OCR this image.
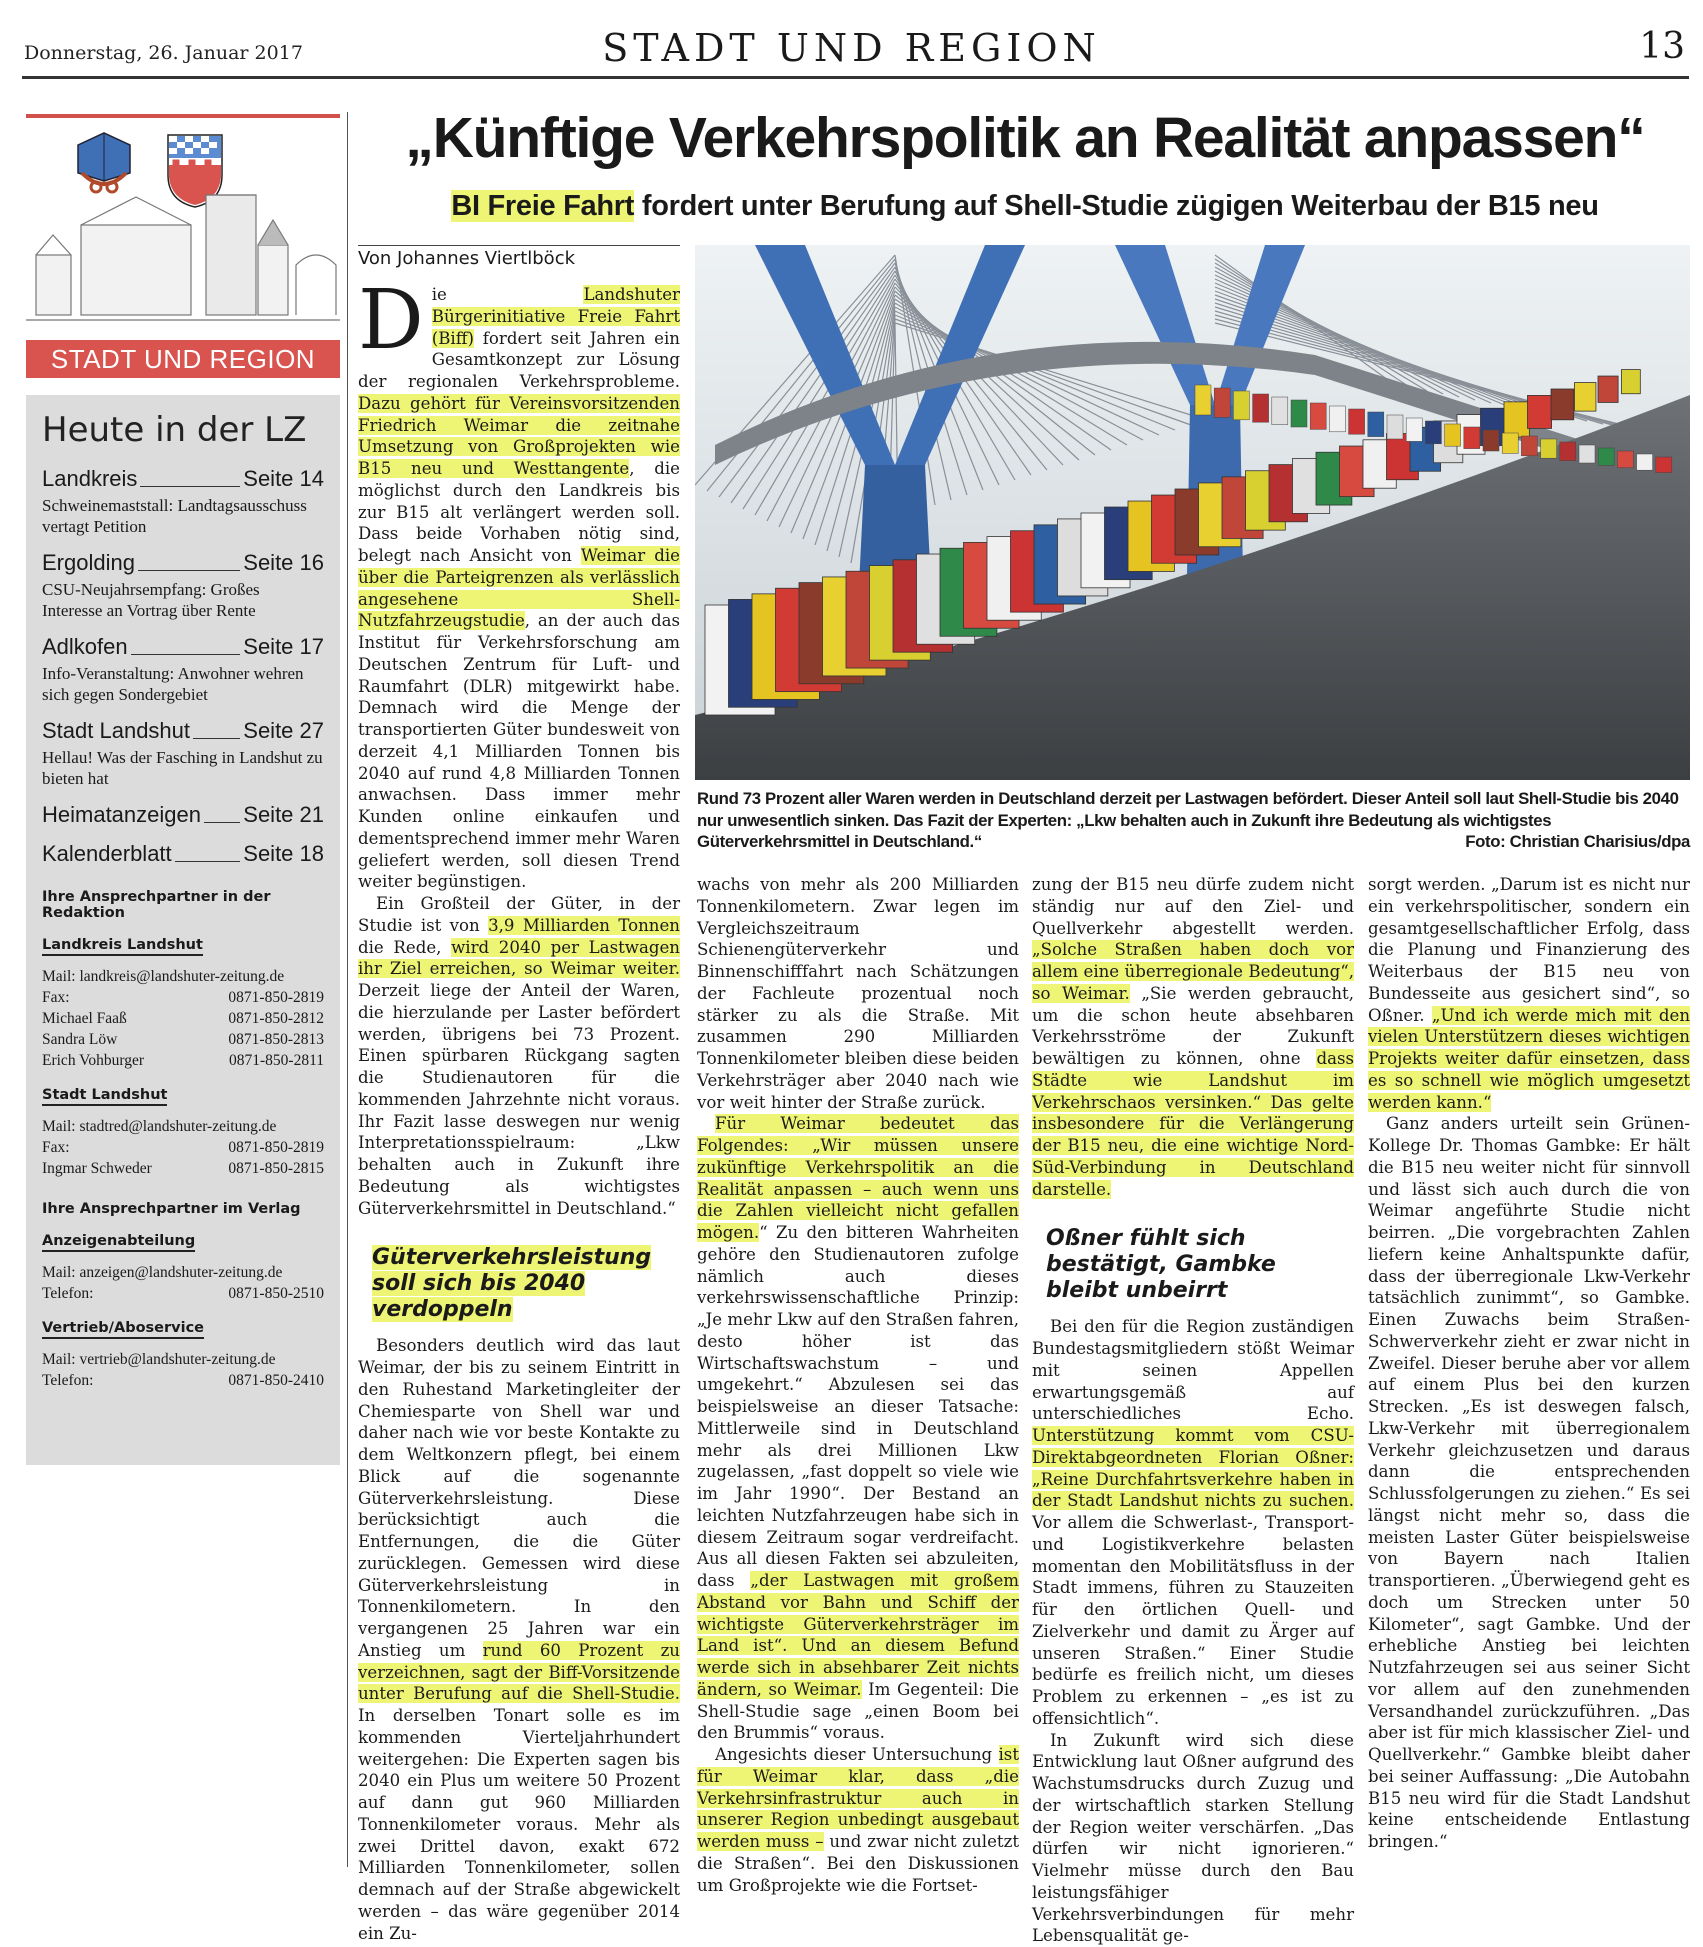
Donnerstag, 26. Januar 2017	STADT UND REGION	13
STADT UND REGION
Heute in der LZ
Landkreis	Seite 14
Schweinemaststall: Landtagsausschuss vertagt Petition
Ergolding	Seite 16
CSU-Neujahrsempfang: Großes Interesse an Vortrag über Rente
Adlkofen	Seite 17
Info-Veranstaltung: Anwohner wehren sich gegen Sondergebiet
Stadt Landshut Seite 27
Hellau! Was der Fasching in Landshut zu bieten hat
Heimatanzeigen Seite 21
Kalenderblatt	Seite 18
Ihre Ansprechpartner in der Redaktion
Landkreis Landshut
Mail: landkreis@landshuter-zeitung.de
Fax:	0871-850-2819
Michael Faaß	0871-850-2812
Sandra Löw	0871-850-2813
Erich Vohburger	0871-850-2811
Stadt Landshut
Mail: stadtred@landshuter-zeitung.de
Fax:	0871-850-2819
Ingmar Schweder	0871-850-2815
Ihre Ansprechpartner im Verlag
Anzeigenabteilung
Mail: anzeigen@landshuter-zeitung.de
Telefon:	0871-850-2510
Vertrieb/Aboservice
Mail: vertrieb@landshuter-zeitung.de
Telefon:	0871-850-2410
„Künftige Verkehrspolitik an Realität anpassen“
BI Freie Fahrt fordert unter Berufung auf Shell-Studie zügigen Weiterbau der B15 neu
Von Johannes Viertlböck
Rund 73 Prozent aller Waren werden in Deutschland derzeit per Lastwagen befördert. Dieser Anteil soll laut Shell-Studie bis 2040 nur unwesentlich sinken. Das Fazit der Experten: „Lkw behalten auch in Zukunft ihre Bedeutung als wichtigstes Güterverkehrsmittel in Deutschland.“	Foto: Christian Charisius/dpa

Die Landshuter Bürgerinitiative Freie Fahrt (Biff) fordert seit Jahren ein Gesamtkonzept zur Lösung der regionalen Verkehrsprobleme. Dazu gehört für Vereinsvorsitzenden Friedrich Weimar die zeitnahe Umsetzung von Großprojekten wie B15 neu und Westtangente, die möglichst durch den Landkreis bis zur B15 alt verlängert werden soll. Dass beide Vorhaben nötig sind, belegt nach Ansicht von Weimar die über die Parteigrenzen als verlässlich angesehene Shell-Nutzfahrzeugstudie, an der auch das Institut für Verkehrsforschung am Deutschen Zentrum für Luft- und Raumfahrt (DLR) mitgewirkt habe. Demnach wird die Menge der transportierten Güter bundesweit von derzeit 4,1 Milliarden Tonnen bis 2040 auf rund 4,8 Milliarden Tonnen anwachsen. Dass immer mehr Kunden online einkaufen und dementsprechend immer mehr Waren geliefert werden, soll diesen Trend weiter begünstigen.

Ein Großteil der Güter, in der Studie ist von 3,9 Milliarden Tonnen die Rede, wird 2040 per Lastwagen ihr Ziel erreichen, so Weimar weiter. Derzeit liege der Anteil der Waren, die hierzulande per Laster befördert werden, übrigens bei 73 Prozent. Einen spürbaren Rückgang sagten die Studienautoren für die kommenden Jahrzehnte nicht voraus. Ihr Fazit lasse deswegen nur wenig Interpretationsspielraum: „Lkw behalten auch in Zukunft ihre Bedeutung als wichtigstes Güterverkehrsmittel in Deutschland.“

Güterverkehrsleistung soll sich bis 2040 verdoppeln

Besonders deutlich wird das laut Weimar, der bis zu seinem Eintritt in den Ruhestand Marketingleiter der Chemiesparte von Shell war und daher nach wie vor beste Kontakte zu dem Weltkonzern pflegt, bei einem Blick auf die sogenannte Güterverkehrsleistung. Diese berücksichtigt auch die Entfernungen, die die Güter zurücklegen. Gemessen wird diese Güterverkehrsleistung in Tonnenkilometern. In den vergangenen 25 Jahren war ein Anstieg um rund 60 Prozent zu verzeichnen, sagt der Biff-Vorsitzende unter Berufung auf die Shell-Studie. In derselben Tonart solle es im kommenden Vierteljahrhundert weitergehen: Die Experten sagen bis 2040 ein Plus um weitere 50 Prozent auf dann gut 960 Milliarden Tonnenkilometer voraus. Mehr als zwei Drittel davon, exakt 672 Milliarden Tonnenkilometer, sollen demnach auf der Straße abgewickelt werden – das wäre gegenüber 2014 ein Zu-

wachs von mehr als 200 Milliarden Tonnenkilometern. Zwar legen im Vergleichszeitraum Schienengüterverkehr und Binnenschifffahrt nach Schätzungen der Fachleute prozentual noch stärker zu als die Straße. Mit zusammen 290 Milliarden Tonnenkilometer bleiben diese beiden Verkehrsträger aber 2040 nach wie vor weit hinter der Straße zurück.

Für Weimar bedeutet das Folgendes: „Wir müssen unsere zukünftige Verkehrspolitik an die Realität anpassen – auch wenn uns die Zahlen vielleicht nicht gefallen mögen.“ Zu den bitteren Wahrheiten gehöre den Studienautoren zufolge nämlich auch dieses verkehrswissenschaftliche Prinzip: „Je mehr Lkw auf den Straßen fahren, desto höher ist das Wirtschaftswachstum – und umgekehrt.“ Abzulesen sei das beispielsweise an dieser Tatsache: Mittlerweile sind in Deutschland mehr als drei Millionen Lkw zugelassen, „fast doppelt so viele wie im Jahr 1990“. Der Bestand an leichten Nutzfahrzeugen habe sich in diesem Zeitraum sogar verdreifacht. Aus all diesen Fakten sei abzuleiten, dass „der Lastwagen mit großem Abstand vor Bahn und Schiff der wichtigste Güterverkehrsträger im Land ist“. Und an diesem Befund werde sich in absehbarer Zeit nichts ändern, so Weimar. Im Gegenteil: Die Shell-Studie sage „einen Boom bei den Brummis“ voraus.

Angesichts dieser Untersuchung ist für Weimar klar, dass „die Verkehrsinfrastruktur auch in unserer Region unbedingt ausgebaut werden muss – und zwar nicht zuletzt die Straßen“. Bei den Diskussionen um Großprojekte wie die Fortset-

zung der B15 neu dürfe zudem nicht ständig nur auf den Ziel- und Quellverkehr abgestellt werden. „Solche Straßen haben doch vor allem eine überregionale Bedeutung“, so Weimar. „Sie werden gebraucht, um die schon heute absehbaren Verkehrsströme der Zukunft bewältigen zu können, ohne dass Städte wie Landshut im Verkehrschaos versinken.“ Das gelte insbesondere für die Verlängerung der B15 neu, die eine wichtige Nord-Süd-Verbindung in Deutschland darstelle.

Oßner fühlt sich bestätigt, Gambke bleibt unbeirrt

Bei den für die Region zuständigen Bundestagsmitgliedern stößt Weimar mit seinen Appellen erwartungsgemäß auf unterschiedliches Echo. Unterstützung kommt vom CSU-Direktabgeordneten Florian Oßner: „Reine Durchfahrtsverkehre haben in der Stadt Landshut nichts zu suchen. Vor allem die Schwerlast-, Transport- und Logistikverkehre belasten momentan den Mobilitätsfluss in der Stadt immens, führen zu Stauzeiten für den örtlichen Quell- und Zielverkehr und damit zu Ärger auf unseren Straßen.“ Einer Studie bedürfe es freilich nicht, um dieses Problem zu erkennen – „es ist zu offensichtlich“.

In Zukunft wird sich diese Entwicklung laut Oßner aufgrund des Wachstumsdrucks durch Zuzug und der wirtschaftlich starken Stellung der Region weiter verschärfen. „Das dürfen wir nicht ignorieren.“ Vielmehr müsse durch den Bau leistungsfähiger Verkehrsverbindungen für mehr Lebensqualität ge-

sorgt werden. „Darum ist es nicht nur ein verkehrspolitischer, sondern ein gesamtgesellschaftlicher Erfolg, dass die Planung und Finanzierung des Weiterbaus der B15 neu von Bundesseite aus gesichert sind“, so Oßner. „Und ich werde mich mit den vielen Unterstützern dieses wichtigen Projekts weiter dafür einsetzen, dass es so schnell wie möglich umgesetzt werden kann.“

Ganz anders urteilt sein Grünen-Kollege Dr. Thomas Gambke: Er hält die B15 neu weiter nicht für sinnvoll und lässt sich auch durch die von Weimar angeführte Studie nicht beirren. „Die vorgebrachten Zahlen liefern keine Anhaltspunkte dafür, dass der überregionale Lkw-Verkehr tatsächlich zunimmt“, so Gambke. Einen Zuwachs beim Straßen-Schwerverkehr zieht er zwar nicht in Zweifel. Dieser beruhe aber vor allem auf einem Plus bei den kurzen Strecken. „Es ist deswegen falsch, Lkw-Verkehr mit überregionalem Verkehr gleichzusetzen und daraus dann die entsprechenden Schlussfolgerungen zu ziehen.“ Es sei längst nicht mehr so, dass die meisten Laster Güter beispielsweise von Bayern nach Italien transportieren. „Überwiegend geht es doch um Strecken unter 50 Kilometer“, sagt Gambke. Und der erhebliche Anstieg bei leichten Nutzfahrzeugen sei aus seiner Sicht vor allem auf den zunehmenden Versandhandel zurückzuführen. „Das aber ist für mich klassischer Ziel- und Quellverkehr.“ Gambke bleibt daher bei seiner Auffassung: „Die Autobahn B15 neu wird für die Stadt Landshut keine entscheidende Entlastung bringen.“
